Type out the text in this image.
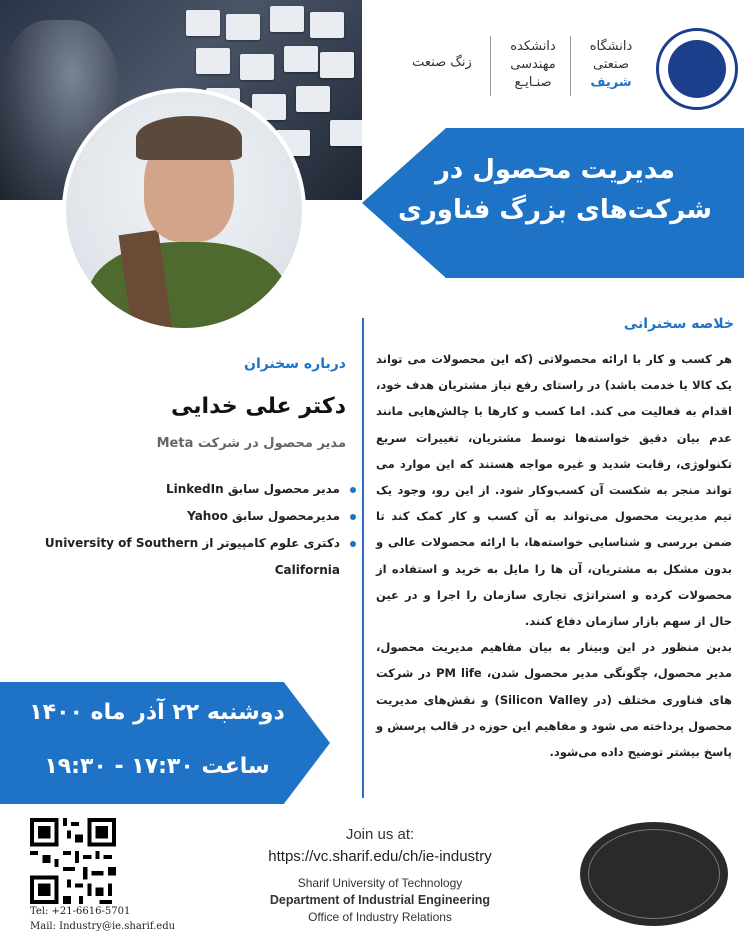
دانشگاه
صنعتی
شریف
دانشکده
مهندسی
صنـایـع
زنگ صنعت
مدیریت محصول در
شرکت‌های بزرگ فناوری
خلاصه سخنرانی
هر کسب و کار با ارائه محصولاتی (که این محصولات می تواند یک کالا یا خدمت باشد) در راستای رفع نیاز مشتریان هدف خود، اقدام به فعالیت می کند. اما کسب و کارها با چالش‌هایی مانند عدم بیان دقیق خواسته‌ها توسط مشتریان، تغییرات سریع تکنولوژی، رقابت شدید و غیره مواجه هستند که این موارد می تواند منجر به شکست آن کسب‌وکار شود. از این رو، وجود یک تیم مدیریت محصول می‌تواند به آن کسب و کار کمک کند تا ضمن بررسی و شناسایی خواسته‌ها، با ارائه محصولات عالی و بدون مشکل به مشتریان، آن ها را مایل به خرید و استفاده از محصولات کرده و استراتژی تجاری سازمان را اجرا و در عین حال از سهم بازار سازمان دفاع کنند.
بدین منظور در این وبینار به بیان مفاهیم مدیریت محصول، مدیر محصول، چگونگی مدیر محصول شدن، PM life در شرکت های فناوری مختلف (در Silicon Valley) و نقش‌های مدیریت محصول پرداخته می شود و مفاهیم این حوزه در قالب پرسش و پاسخ بیشتر توضیح داده می‌شود.
درباره سخنران
دکتر علی خدایی
مدیر محصول در شرکت Meta
مدیر محصول سابق LinkedIn
مدیرمحصول سابق Yahoo
دکتری علوم کامپیوتر از University of Southern California
دوشنبه ۲۲ آذر ماه ۱۴۰۰
ساعت ۱۷:۳۰ - ۱۹:۳۰
Tel: +21-6616-5701
Mail: Industry@ie.sharif.edu
Join us at:
https://vc.sharif.edu/ch/ie-industry
Sharif University of Technology
Department of Industrial Engineering
Office of Industry Relations
